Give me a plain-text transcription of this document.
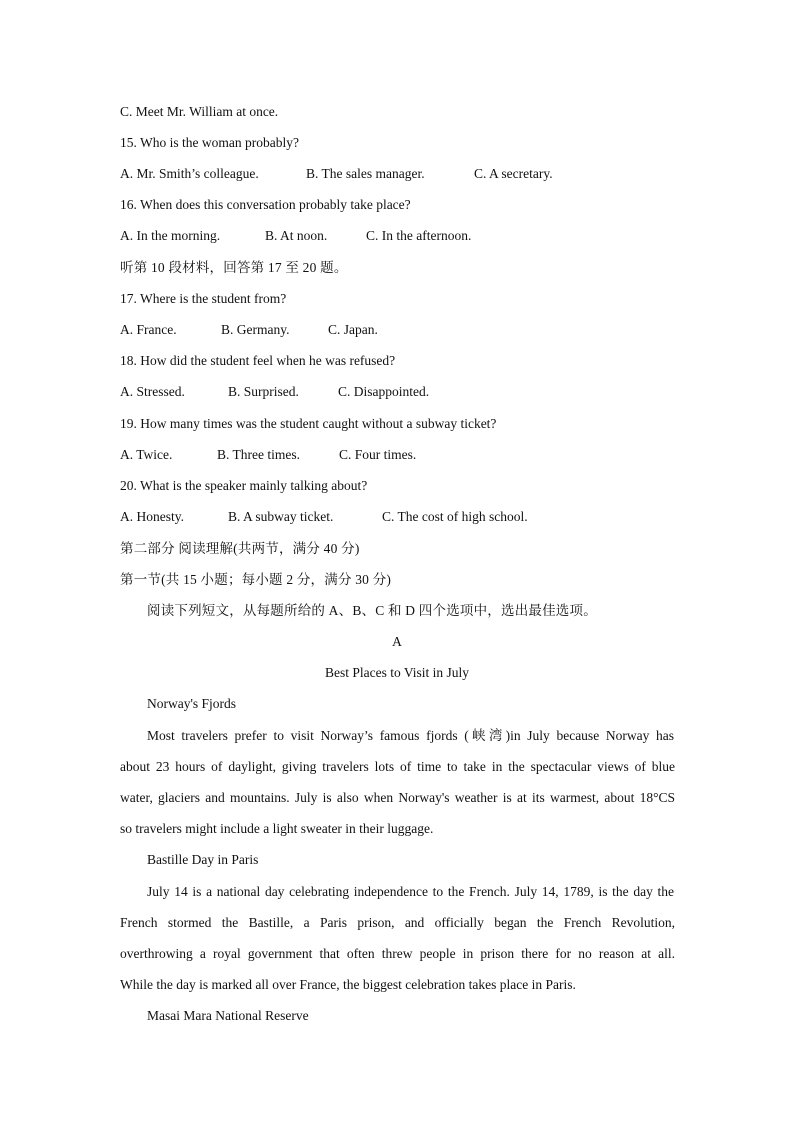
C. Meet Mr. William at once.
15. Who is the woman probably?
A. Mr. Smith’s colleague.	B. The sales manager.	C. A secretary.
16. When does this conversation probably take place?
A. In the morning.	B. At noon.	C. In the afternoon.
听第 10 段材料，回答第 17 至 20 题。
17. Where is the student from?
A. France.	B. Germany.	C. Japan.
18. How did the student feel when he was refused?
A. Stressed.	B. Surprised.	C. Disappointed.
19. How many times was the student caught without a subway ticket?
A. Twice.	B. Three times.	C. Four times.
20. What is the speaker mainly talking about?
A. Honesty.	B. A subway ticket.	C. The cost of high school.
第二部分 阅读理解(共两节，满分 40 分)
第一节(共 15 小题；每小题 2 分，满分 30 分)
阅读下列短文，从每题所给的 A、B、C 和 D 四个选项中，选出最佳选项。
A
Best Places to Visit in July
Norway's Fjords
Most travelers prefer to visit Norway’s famous fjords (峡湾)in July because Norway has
about 23 hours of daylight, giving travelers lots of time to take in the spectacular views of blue
water, glaciers and mountains. July is also when Norway's weather is at its warmest, about 18°CS
so travelers might include a light sweater in their luggage.
Bastille Day in Paris
July 14 is a national day celebrating independence to the French. July 14, 1789, is the day the
French stormed the Bastille, a Paris prison, and officially began the French Revolution,
overthrowing a royal government that often threw people in prison there for no reason at all.
While the day is marked all over France, the biggest celebration takes place in Paris.
Masai Mara National Reserve
